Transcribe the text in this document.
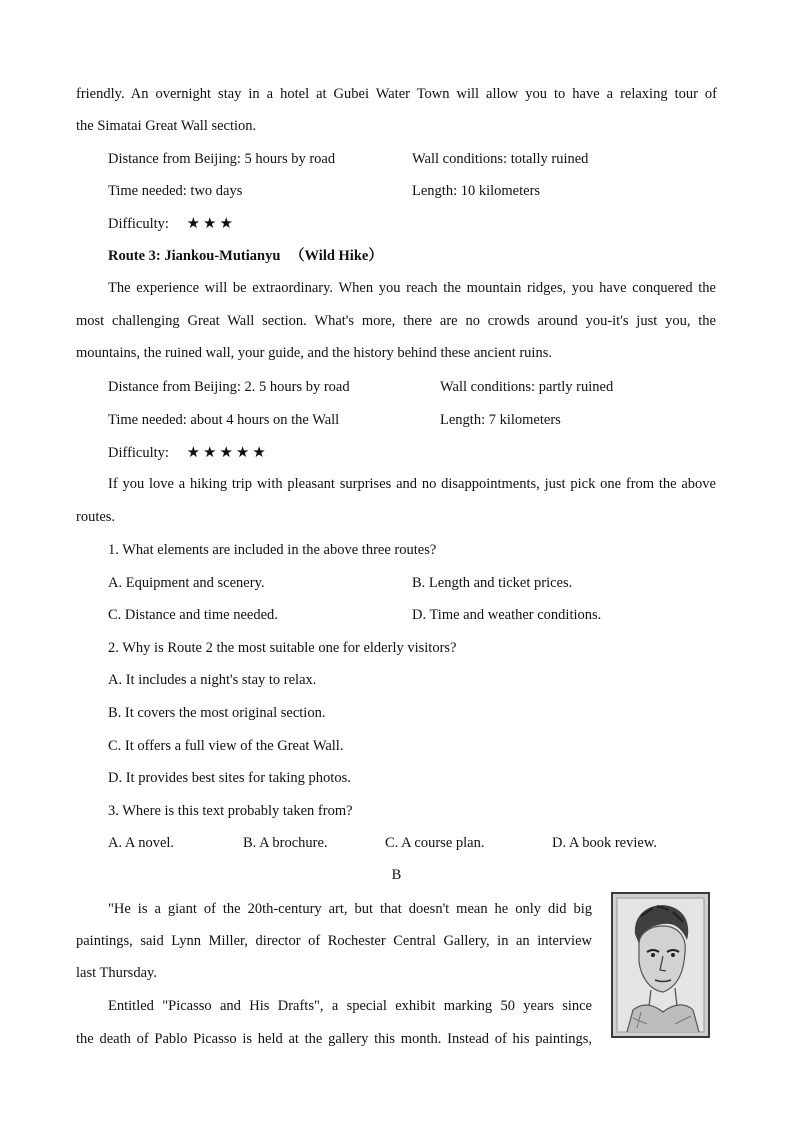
friendly. An overnight stay in a hotel at Gubei Water Town will allow you to have a relaxing tour of
the Simatai Great Wall section.
Distance from Beijing: 5 hours by road	Wall conditions: totally ruined
Time needed: two days	Length: 10 kilometers
Difficulty: ★★★
Route 3: Jiankou-Mutianyu （Wild Hike）
The experience will be extraordinary. When you reach the mountain ridges, you have conquered the most challenging Great Wall section. What's more, there are no crowds around you-it's just you, the mountains, the ruined wall, your guide, and the history behind these ancient ruins.
Distance from Beijing: 2. 5 hours by road	Wall conditions: partly ruined
Time needed: about 4 hours on the Wall	Length: 7 kilometers
Difficulty: ★★★★★
If you love a hiking trip with pleasant surprises and no disappointments, just pick one from the above routes.
1. What elements are included in the above three routes?
A. Equipment and scenery.	B. Length and ticket prices.
C. Distance and time needed.	D. Time and weather conditions.
2. Why is Route 2 the most suitable one for elderly visitors?
A. It includes a night's stay to relax.
B. It covers the most original section.
C. It offers a full view of the Great Wall.
D. It provides best sites for taking photos.
3. Where is this text probably taken from?
A. A novel.	B. A brochure.	C. A course plan.	D. A book review.
B
"He is a giant of the 20th-century art, but that doesn't mean he only did big
paintings, said Lynn Miller, director of Rochester Central Gallery, in an interview
last Thursday.
Entitled "Picasso and His Drafts", a special exhibit marking 50 years since
the death of Pablo Picasso is held at the gallery this month. Instead of his paintings,
